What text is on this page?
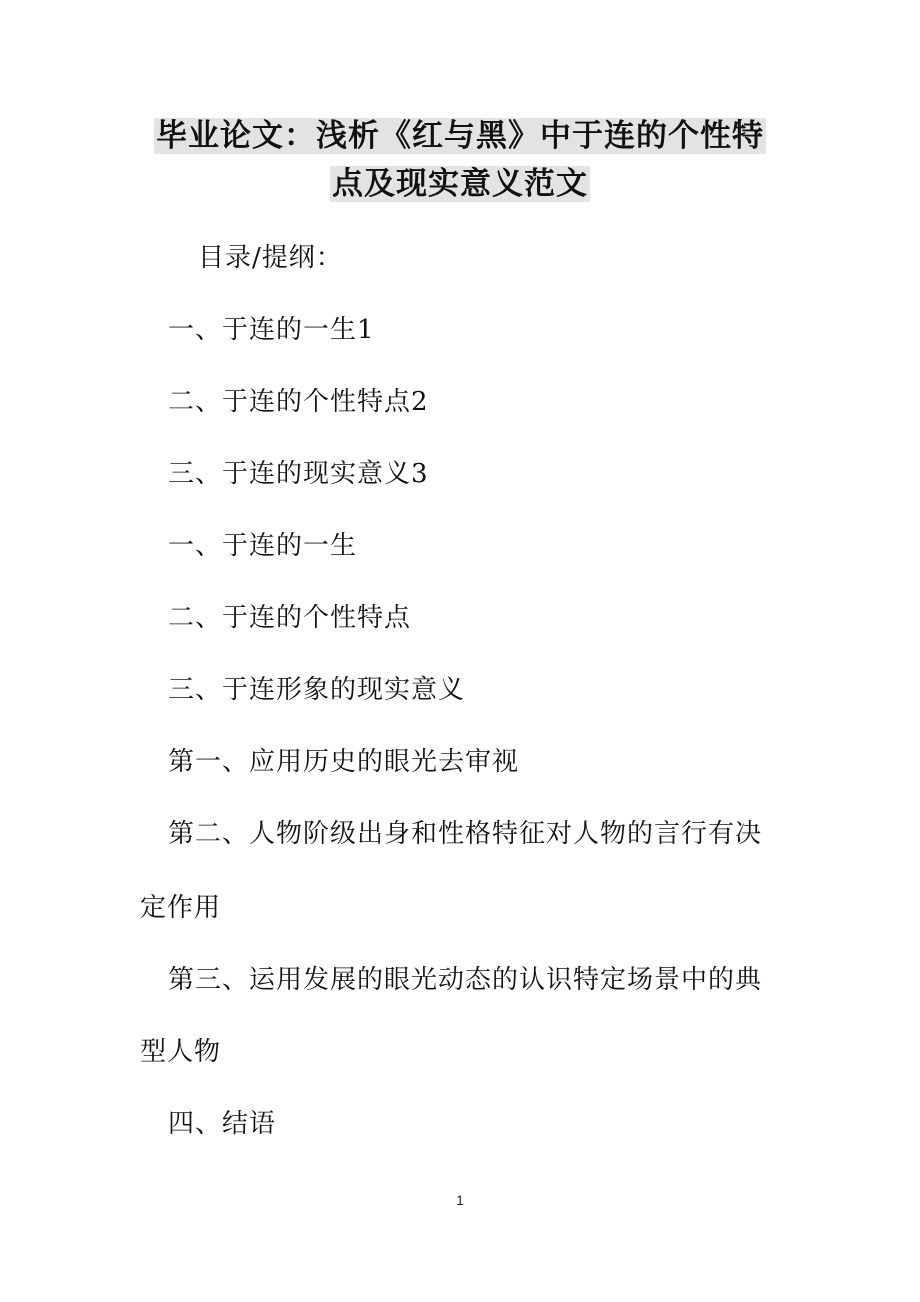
毕业论文：浅析《红与黑》中于连的个性特
点及现实意义范文
目录/提纲：
一、于连的一生1
二、于连的个性特点2
三、于连的现实意义3
一、于连的一生
二、于连的个性特点
三、于连形象的现实意义
第一、应用历史的眼光去审视
第二、人物阶级出身和性格特征对人物的言行有决
定作用
第三、运用发展的眼光动态的认识特定场景中的典
型人物
四、结语
1
